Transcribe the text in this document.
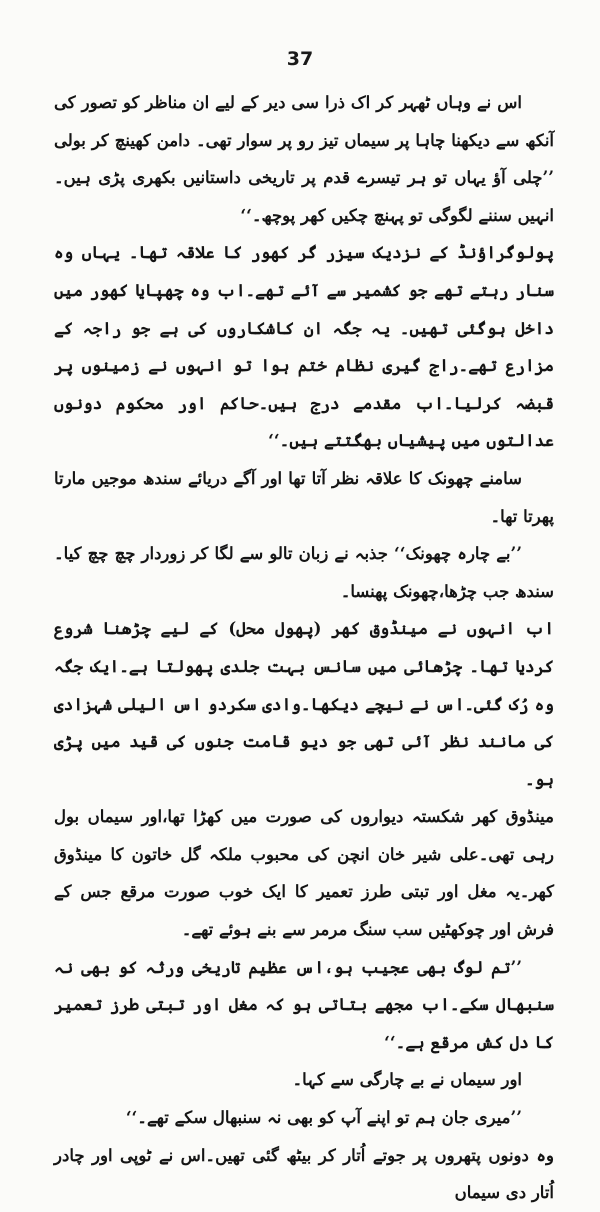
37

اس نے وہاں ٹھہر کر اک ذرا سی دیر کے لیے ان مناظر کو تصور کی آنکھ سے دیکھنا چاہا پر سیماں تیز رو پر سوار تھی۔ دامن کھینچ کر بولی ’’چلی آؤ یہاں تو ہر تیسرے قدم پر تاریخی داستانیں بکھری پڑی ہیں۔انہیں سننے لگوگی تو پہنچ چکیں کھر پوچھ۔‘‘

پولوگراؤنڈ کے نزدیک سیزر گر کھور کا علاقہ تھا۔ یہاں وہ سنار رہتے تھے جو کشمیر سے آئے تھے۔اب وہ چھپایا کھور میں داخل ہوگئی تھیں۔ یہ جگہ ان کاشکاروں کی ہے جو راجہ کے مزارع تھے۔راج گیری نظام ختم ہوا تو انہوں نے زمینوں پر قبضہ کرلیا۔اب مقدمے درج ہیں۔حاکم اور محکوم دونوں عدالتوں میں پیشیاں بھگتتے ہیں۔‘‘

سامنے چھونک کا علاقہ نظر آتا تھا اور آگے دریائے سندھ موجیں مارتا پھرتا تھا۔

’’بے چارہ چھونک‘‘ جذبہ نے زبان تالو سے لگا کر زوردار چچ چچ کیا۔سندھ جب چڑھا،چھونک پھنسا۔

اب انہوں نے مینڈوق کھر (پھول محل) کے لیے چڑھنا شروع کردیا تھا۔ چڑھائی میں سانس بہت جلدی پھولتا ہے۔ایک جگہ وہ رُک گئی۔اس نے نیچے دیکھا۔وادی سکردو اس الیلی شہزادی کی مانند نظر آئی تھی جو دیو قامت جنوں کی قید میں پڑی ہو۔

مینڈوق کھر شکستہ دیواروں کی صورت میں کھڑا تھا،اور سیماں بول رہی تھی۔علی شیر خان انچن کی محبوب ملکہ گل خاتون کا مینڈوق کھر۔یہ مغل اور تبتی طرز تعمیر کا ایک خوب صورت مرقع جس کے فرش اور چوکھٹیں سب سنگ مرمر سے بنے ہوئے تھے۔

’’تم لوگ بھی عجیب ہو،اس عظیم تاریخی ورثہ کو بھی نہ سنبھال سکے۔اب مجھے بتاتی ہو کہ مغل اور تبتی طرز تعمیر کا دل کش مرقع ہے۔‘‘

اور سیماں نے بے چارگی سے کہا۔

’’میری جان ہم تو اپنے آپ کو بھی نہ سنبھال سکے تھے۔‘‘

وہ دونوں پتھروں پر جوتے اُتار کر بیٹھ گئی تھیں۔اس نے ٹوپی اور چادر اُتار دی سیماں
